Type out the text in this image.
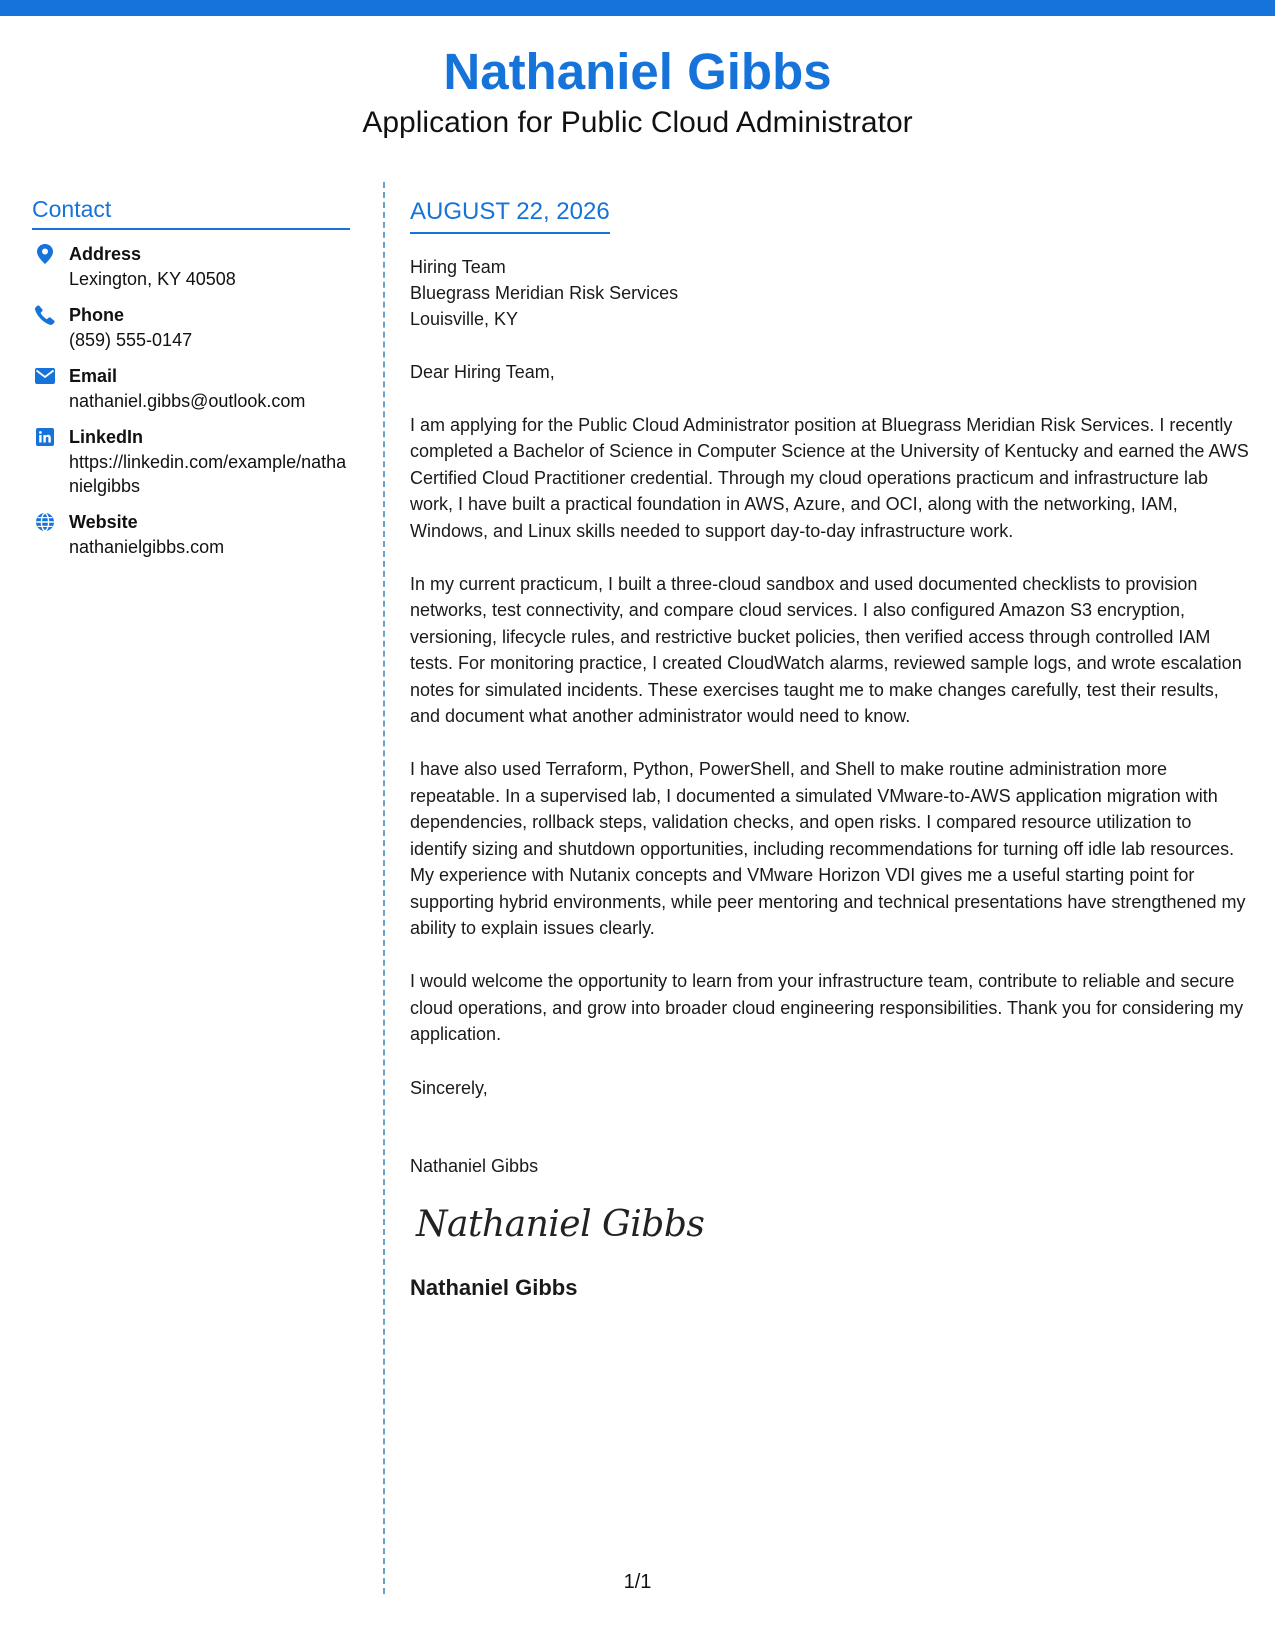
Nathaniel Gibbs
Application for Public Cloud Administrator
Contact
Address
Lexington, KY 40508
Phone
(859) 555-0147
Email
nathaniel.gibbs@outlook.com
LinkedIn
https://linkedin.com/example/nathanielgibbs
Website
nathanielgibbs.com
AUGUST 22, 2026
Hiring Team
Bluegrass Meridian Risk Services
Louisville, KY
Dear Hiring Team,
I am applying for the Public Cloud Administrator position at Bluegrass Meridian Risk Services. I recently completed a Bachelor of Science in Computer Science at the University of Kentucky and earned the AWS Certified Cloud Practitioner credential. Through my cloud operations practicum and infrastructure lab work, I have built a practical foundation in AWS, Azure, and OCI, along with the networking, IAM, Windows, and Linux skills needed to support day-to-day infrastructure work.
In my current practicum, I built a three-cloud sandbox and used documented checklists to provision networks, test connectivity, and compare cloud services. I also configured Amazon S3 encryption, versioning, lifecycle rules, and restrictive bucket policies, then verified access through controlled IAM tests. For monitoring practice, I created CloudWatch alarms, reviewed sample logs, and wrote escalation notes for simulated incidents. These exercises taught me to make changes carefully, test their results, and document what another administrator would need to know.
I have also used Terraform, Python, PowerShell, and Shell to make routine administration more repeatable. In a supervised lab, I documented a simulated VMware-to-AWS application migration with dependencies, rollback steps, validation checks, and open risks. I compared resource utilization to identify sizing and shutdown opportunities, including recommendations for turning off idle lab resources. My experience with Nutanix concepts and VMware Horizon VDI gives me a useful starting point for supporting hybrid environments, while peer mentoring and technical presentations have strengthened my ability to explain issues clearly.
I would welcome the opportunity to learn from your infrastructure team, contribute to reliable and secure cloud operations, and grow into broader cloud engineering responsibilities. Thank you for considering my application.
Sincerely,
Nathaniel Gibbs
Nathaniel Gibbs
Nathaniel Gibbs
1/1
